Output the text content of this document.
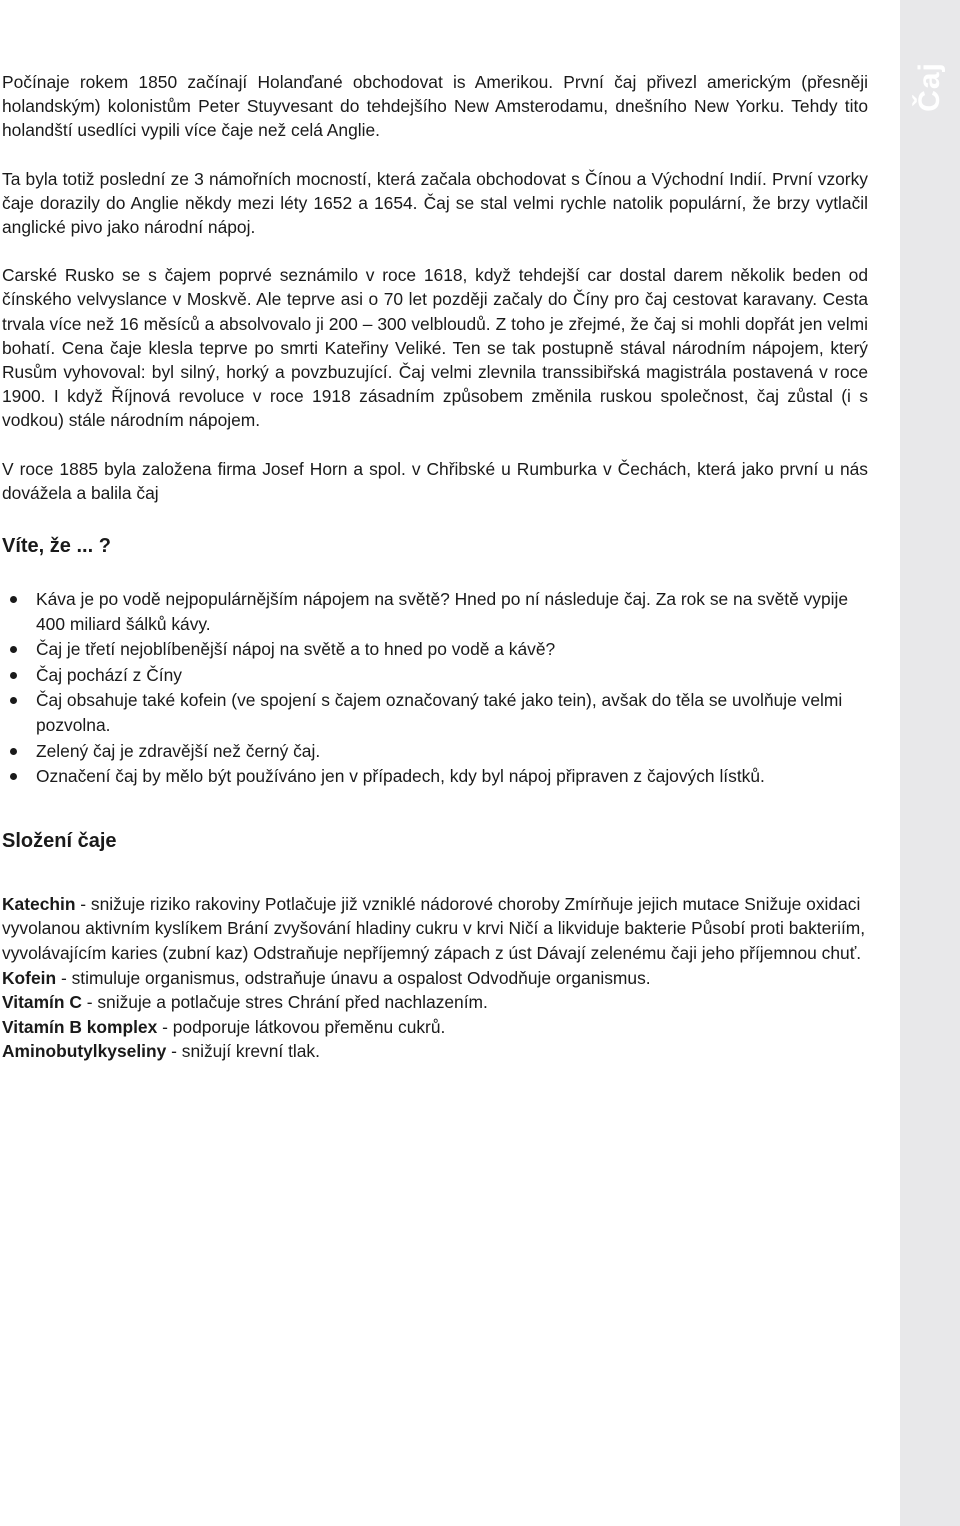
Čaj

Počínaje rokem 1850 začínají Holanďané obchodovat is Amerikou. První čaj přivezl americkým (přesněji holandským) kolonistům Peter Stuyvesant do tehdejšího New Amsterodamu, dnešního New Yorku. Tehdy tito holandští usedlíci vypili více čaje než celá Anglie.

Ta byla totiž poslední ze 3 námořních mocností, která začala obchodovat s Čínou a Východní Indií. První vzorky čaje dorazily do Anglie někdy mezi léty 1652 a 1654. Čaj se stal velmi rychle natolik populární, že brzy vytlačil anglické pivo jako národní nápoj.

Carské Rusko se s čajem poprvé seznámilo v roce 1618, když tehdejší car dostal darem několik beden od čínského velvyslance v Moskvě. Ale teprve asi o 70 let později začaly do Číny pro čaj cestovat karavany. Cesta trvala více než 16 měsíců a absolvovalo ji 200 – 300 velbloudů. Z toho je zřejmé, že čaj si mohli dopřát jen velmi bohatí. Cena čaje klesla teprve po smrti Kateřiny Veliké. Ten se tak postupně stával národním nápojem, který Rusům vyhovoval: byl silný, horký a povzbuzující. Čaj velmi zlevnila transsibiřská magistrála postavená v roce 1900. I když Říjnová revoluce v roce 1918 zásadním způsobem změnila ruskou společnost, čaj zůstal (i s vodkou) stále národním nápojem.

V roce 1885 byla založena firma Josef Horn a spol. v Chřibské u Rumburka v Čechách, která jako první u nás dovážela a balila čaj

Víte, že ... ?
Káva je po vodě nejpopulárnějším nápojem na světě? Hned po ní následuje čaj. Za rok se na světě vypije 400 miliard šálků kávy.
Čaj je třetí nejoblíbenější nápoj na světě a to hned po vodě a kávě?
Čaj pochází z Číny
Čaj obsahuje také kofein (ve spojení s čajem označovaný také jako tein), avšak do těla se uvolňuje velmi pozvolna.
Zelený čaj je zdravější než černý čaj.
Označení čaj by mělo být používáno jen v případech, kdy byl nápoj připraven z čajových lístků.
Složení čaje

Katechin - snižuje riziko rakoviny Potlačuje již vzniklé nádorové choroby Zmírňuje jejich mutace Snižuje oxidaci vyvolanou aktivním kyslíkem Brání zvyšování hladiny cukru v krvi Ničí a likviduje bakterie Působí proti bakteriím, vyvolávajícím karies (zubní kaz) Odstraňuje nepříjemný zápach z úst Dávají zelenému čaji jeho příjemnou chuť.

Kofein - stimuluje organismus, odstraňuje únavu a ospalost Odvodňuje organismus.

Vitamín C - snižuje a potlačuje stres Chrání před nachlazením.

Vitamín B komplex - podporuje látkovou přeměnu cukrů.

Aminobutylkyseliny - snižují krevní tlak.
